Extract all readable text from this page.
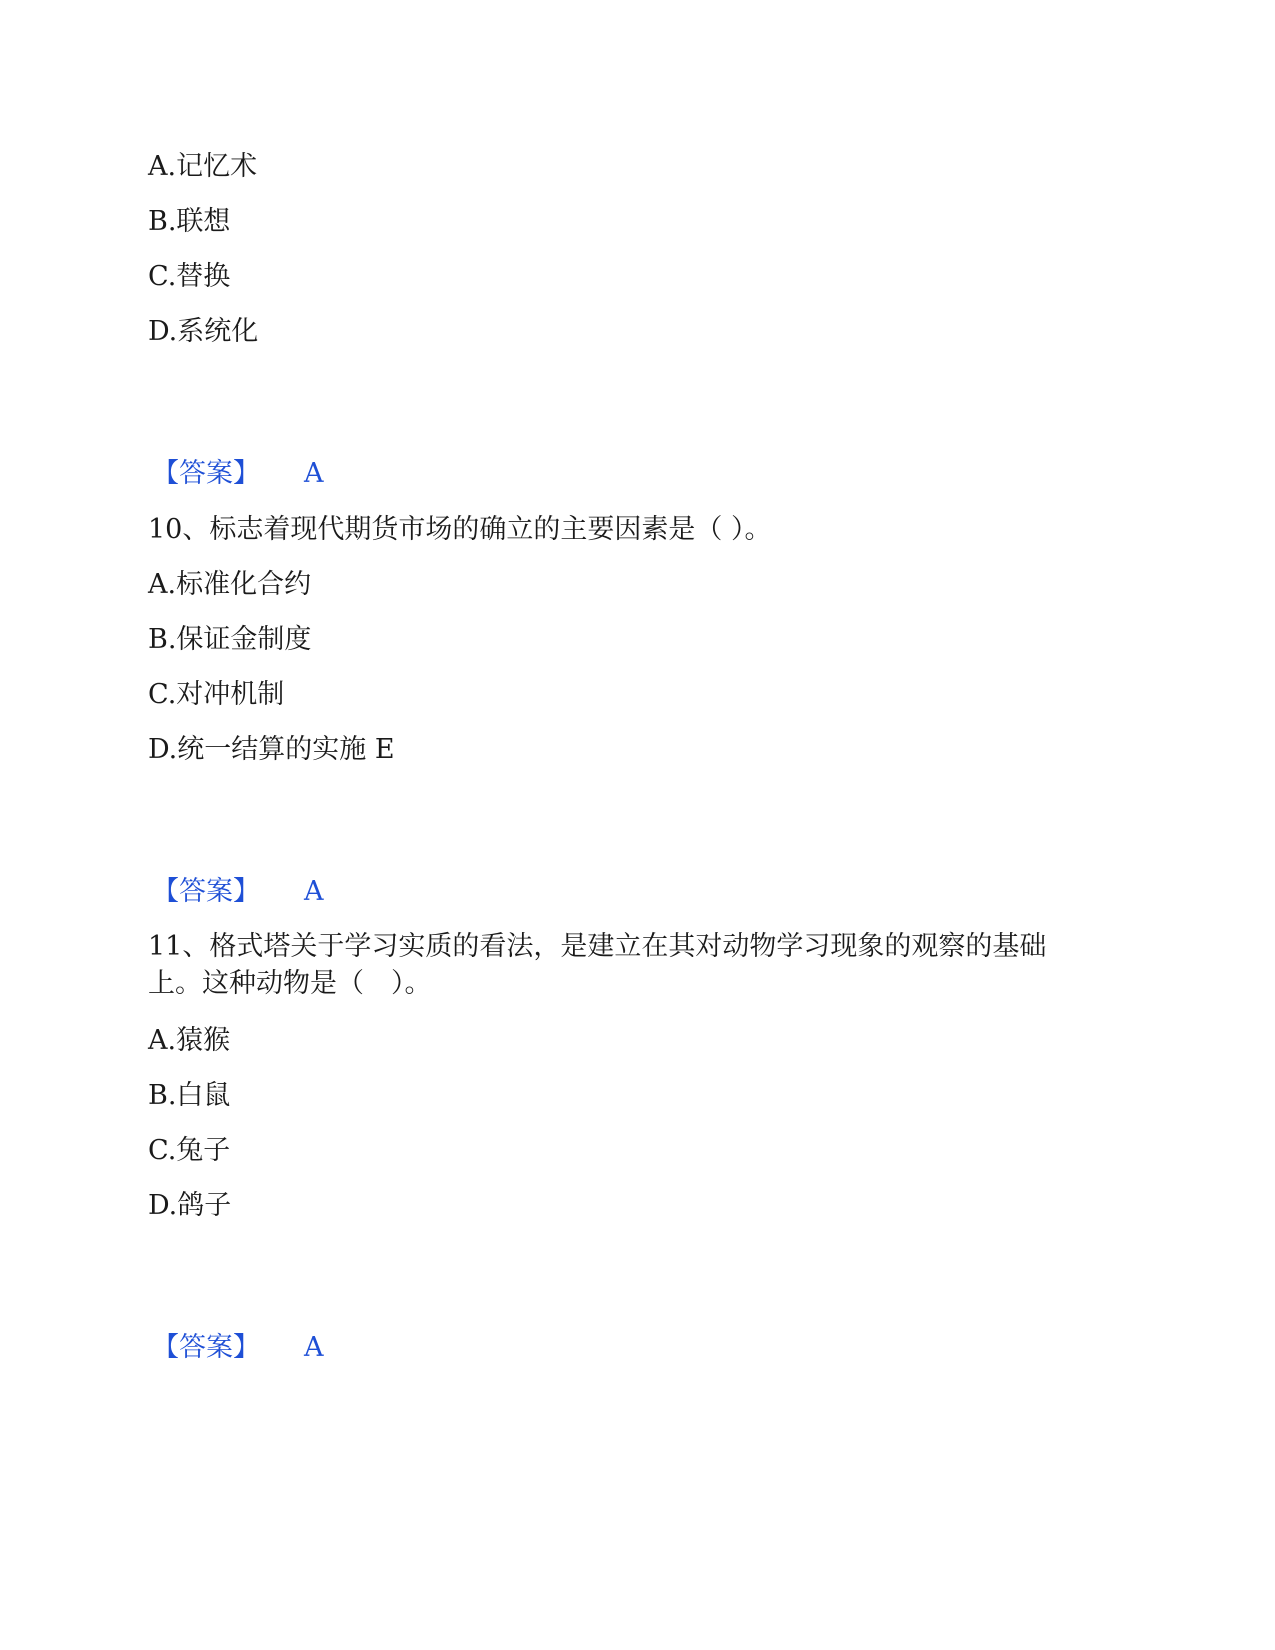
A.记忆术
B.联想
C.替换
D.系统化
【答案】 A
10、标志着现代期货市场的确立的主要因素是（ ）。
A.标准化合约
B.保证金制度
C.对冲机制
D.统一结算的实施 E
【答案】 A
11、格式塔关于学习实质的看法，是建立在其对动物学习现象的观察的基础
上。这种动物是（　）。
A.猿猴
B.白鼠
C.兔子
D.鸽子
【答案】 A
